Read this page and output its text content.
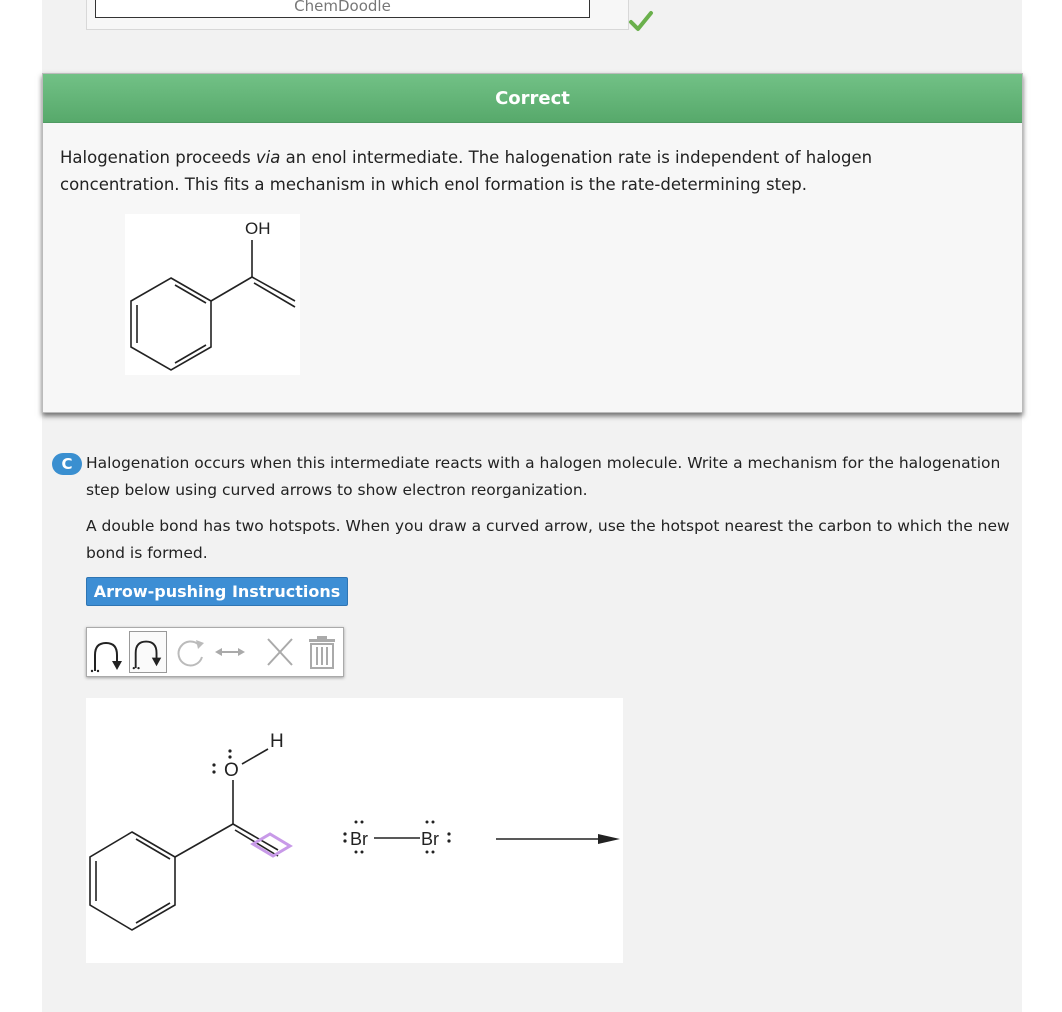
ChemDoodle
Correct
Halogenation proceeds via an enol intermediate. The halogenation rate is independent of halogen concentration. This fits a mechanism in which enol formation is the rate-determining step.
OH
C Halogenation occurs when this intermediate reacts with a halogen molecule. Write a mechanism for the halogenation step below using curved arrows to show electron reorganization.
A double bond has two hotspots. When you draw a curved arrow, use the hotspot nearest the carbon to which the new bond is formed.
Arrow-pushing Instructions
O
H
Br	Br
